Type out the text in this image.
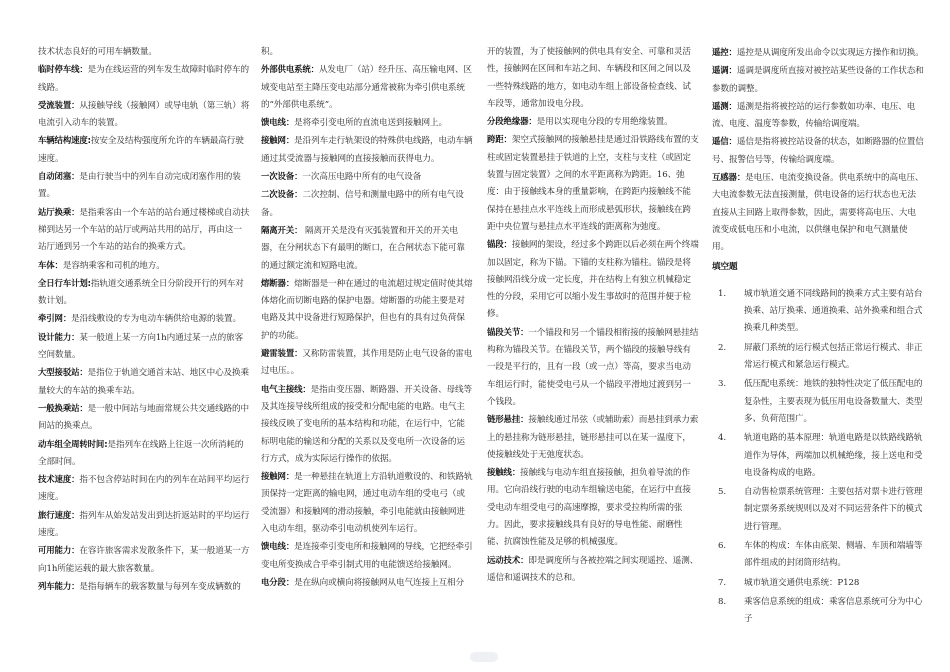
技术状态良好的可用车辆数量。

临时停车线：是为在线运营的列车发生故障时临时停车的线路。

受流装置：从接触导线（接触网）或导电轨（第三轨）将电流引入动车的装置。

车辆结构速度:按安全及结构强度所允许的车辆最高行驶速度。

自动闭塞：是由行驶当中的列车自动完成闭塞作用的装置。

站厅换乘：是指乘客由一个车站的站台通过楼梯或自动扶梯到达另一个车站的站厅或两站共用的站厅，再由这一站厅通到另一个车站的站台的换乘方式。

车体：是容纳乘客和司机的地方。

全日行车计划:指轨道交通系统全日分阶段开行的列车对数计划。

牵引网：是沿线敷设的专为电动车辆供给电源的装置。

设计能力：某一般道上某一方向1h内通过某一点的旅客空间数量。

大型接驳站：是指位于轨道交通首末站、地区中心及换乘量较大的车站的换乘车站。

一般换乘站：是一般中间站与地面常规公共交通线路的中间站的换乘点。

动车组全周转时间:是指列车在线路上往返一次所消耗的全部时间。

技术速度：指不包含停站时间在内的列车在站间平均运行速度。

旅行速度：指列车从始发站发出到达折返站时的平均运行速度。

可用能力：在容许旅客需求发散条件下，某一般道某一方向1h所能运载的最大旅客数量。

列车能力：是指每辆车的载客数量与每列车变成辆数的

积。

外部供电系统：从发电厂（站）经升压、高压输电网、区域变电站至主降压变电站部分通常被称为牵引供电系统的“外部供电系统”。

馈电线：是将牵引变电所的直流电送到接触网上。

接触网：是沿列车走行轨架设的特殊供电线路，电动车辆通过其受流器与接触网的直接接触而获得电力。

一次设备：一次高压电路中所有的电气设备

二次设备：二次控制、信号和测量电路中的所有电气设备。

隔离开关： 隔离开关是没有灭弧装置和开关的开关电器，在分闸状态下有最明的断口，在合闸状态下能可靠的通过额定流和短路电流。

熔断器：熔断器是一种在通过的电流超过规定值时使其熔体熔化而切断电路的保护电器。熔断器的功能主要是对电路及其中设备进行短路保护，但也有的具有过负荷保护的功能。

避雷装置：又称防雷装置，其作用是防止电气设备的雷电过电压。。

电气主接线：是指由变压器、断路器、开关设备、母线等及其连接导线所组成的接受和分配电能的电路。电气主接线反映了变电所的基本结构和功能，在运行中，它能标明电能的输送和分配的关系以及变电所一次设备的运行方式，成为实际运行操作的依据。

接触网：是一种悬挂在轨道上方沿轨道敷设的、和铁路轨顶保持一定距离的输电网，通过电动车组的受电弓（或受流器）和接触网的滑动接触，牵引电能就由接触网进入电动车组，驱动牵引电动机使列车运行。

馈电线：是连接牵引变电所和接触网的导线，它把经牵引变电所变换成合乎牵引制式用的电能馈送给接触网。

电分段：是在纵向或横向将接触网从电气连接上互相分

开的装置，为了使接触网的供电具有安全、可靠和灵活性，接触网在区间和车站之间、车辆段和区间之间以及一些特殊线路的地方，如电动车组上部设备检查线、试车段等，通常加设电分段。

分段绝缘器：是用以实现电分段的专用绝缘装置。

跨距：架空式接触网的接触悬挂是通过沿铁路线布置的支柱或固定装置悬挂于铁道的上空，支柱与支柱（或固定装置与固定装置）之间的水平距离称为跨距。16、弛度：由于接触线本身的重量影响，在跨距内接触线不能保持在悬挂点水平连线上而形成悬弧形状，接触线在跨距中央位置与悬挂点水平连线的距离称为弛度。

锚段：接触网的架设，经过多个跨距以后必须在两个终端加以固定，称为下锚。下锚的支柱称为锚柱。锚段是将接触网沿线分成一定长度，并在结构上有独立机械稳定性的分段，采用它可以缩小发生事故时的范围并便于检修。

锚段关节：一个锚段和另一个锚段相衔接的接触网悬挂结构称为锚段关节。在锚段关节，两个锚段的接触导线有一段是平行的，且有一段（或一点）等高，要求当电动车组运行时，能使受电弓从一个锚段平滑地过渡到另一个钱段。

链形悬挂：接触线通过吊弦（或辅助索）而悬挂到承力索上的悬挂称为链形悬挂，链形悬挂可以在某一温度下，使接触线处于无弛度状态。

接触线：接触线与电动车组直接接触，担负着导流的作用。它向沿线行驶的电动车组输送电能，在运行中直接受电动车组受电弓的高速摩擦，要求受拉构所需的张力。因此，要求接触线具有良好的导电性能、耐磨性能、抗腐蚀性能及足够的机械强度。

远动技术：即是调度所与各被控端之间实现遥控、遥测、遥信和遥调技术的总和。

遥控：遥控是从调度所发出命令以实现远方操作和切换。

遥调：遥调是调度所直接对被控站某些设备的工作状态和参数的调整。

遥测：遥测是指将被控站的运行参数如功率、电压、电流、电度、温度等参数，传输给调度端。

遥信：遥信是指将被控站设备的状态，如断路器的位置信号、报警信号等，传输给调度端。

互感器：是电压、电流变换设备。供电系统中的高电压、大电流参数无法直接测量，供电设备的运行状态也无法直接从主回路上取得参数，因此，需要将高电压、大电流变成低电压和小电流，以供继电保护和电气测量使用。

填空题

1.	城市轨道交通不同线路间的换乘方式主要有站台换乘、站厅换乘、通道换乘、站外换乘和组合式换乘几种类型。
2.	屏蔽门系统的运行模式包括正常运行模式、非正常运行模式和紧急运行模式。
3.	低压配电系统：地铁的独特性决定了低压配电的复杂性，主要表现为低压用电设备数量大、类型多、负荷范围广。
4.	轨道电路的基本原理：轨道电路是以铁路线路轨道作为导体，两端加以机械绝缘，接上送电和受电设备构成的电路。
5.	自动售检票系统管理：主要包括对票卡进行管理制定票务系统规则以及对不同运营条件下的模式进行管理。
6.	车体的构成：车体由底架、侧墙、车顶和端墙等部件组成的封闭筒形结构。
7.	城市轨道交通供电系统：P128
8.	乘客信息系统的组成：乘客信息系统可分为中心子
